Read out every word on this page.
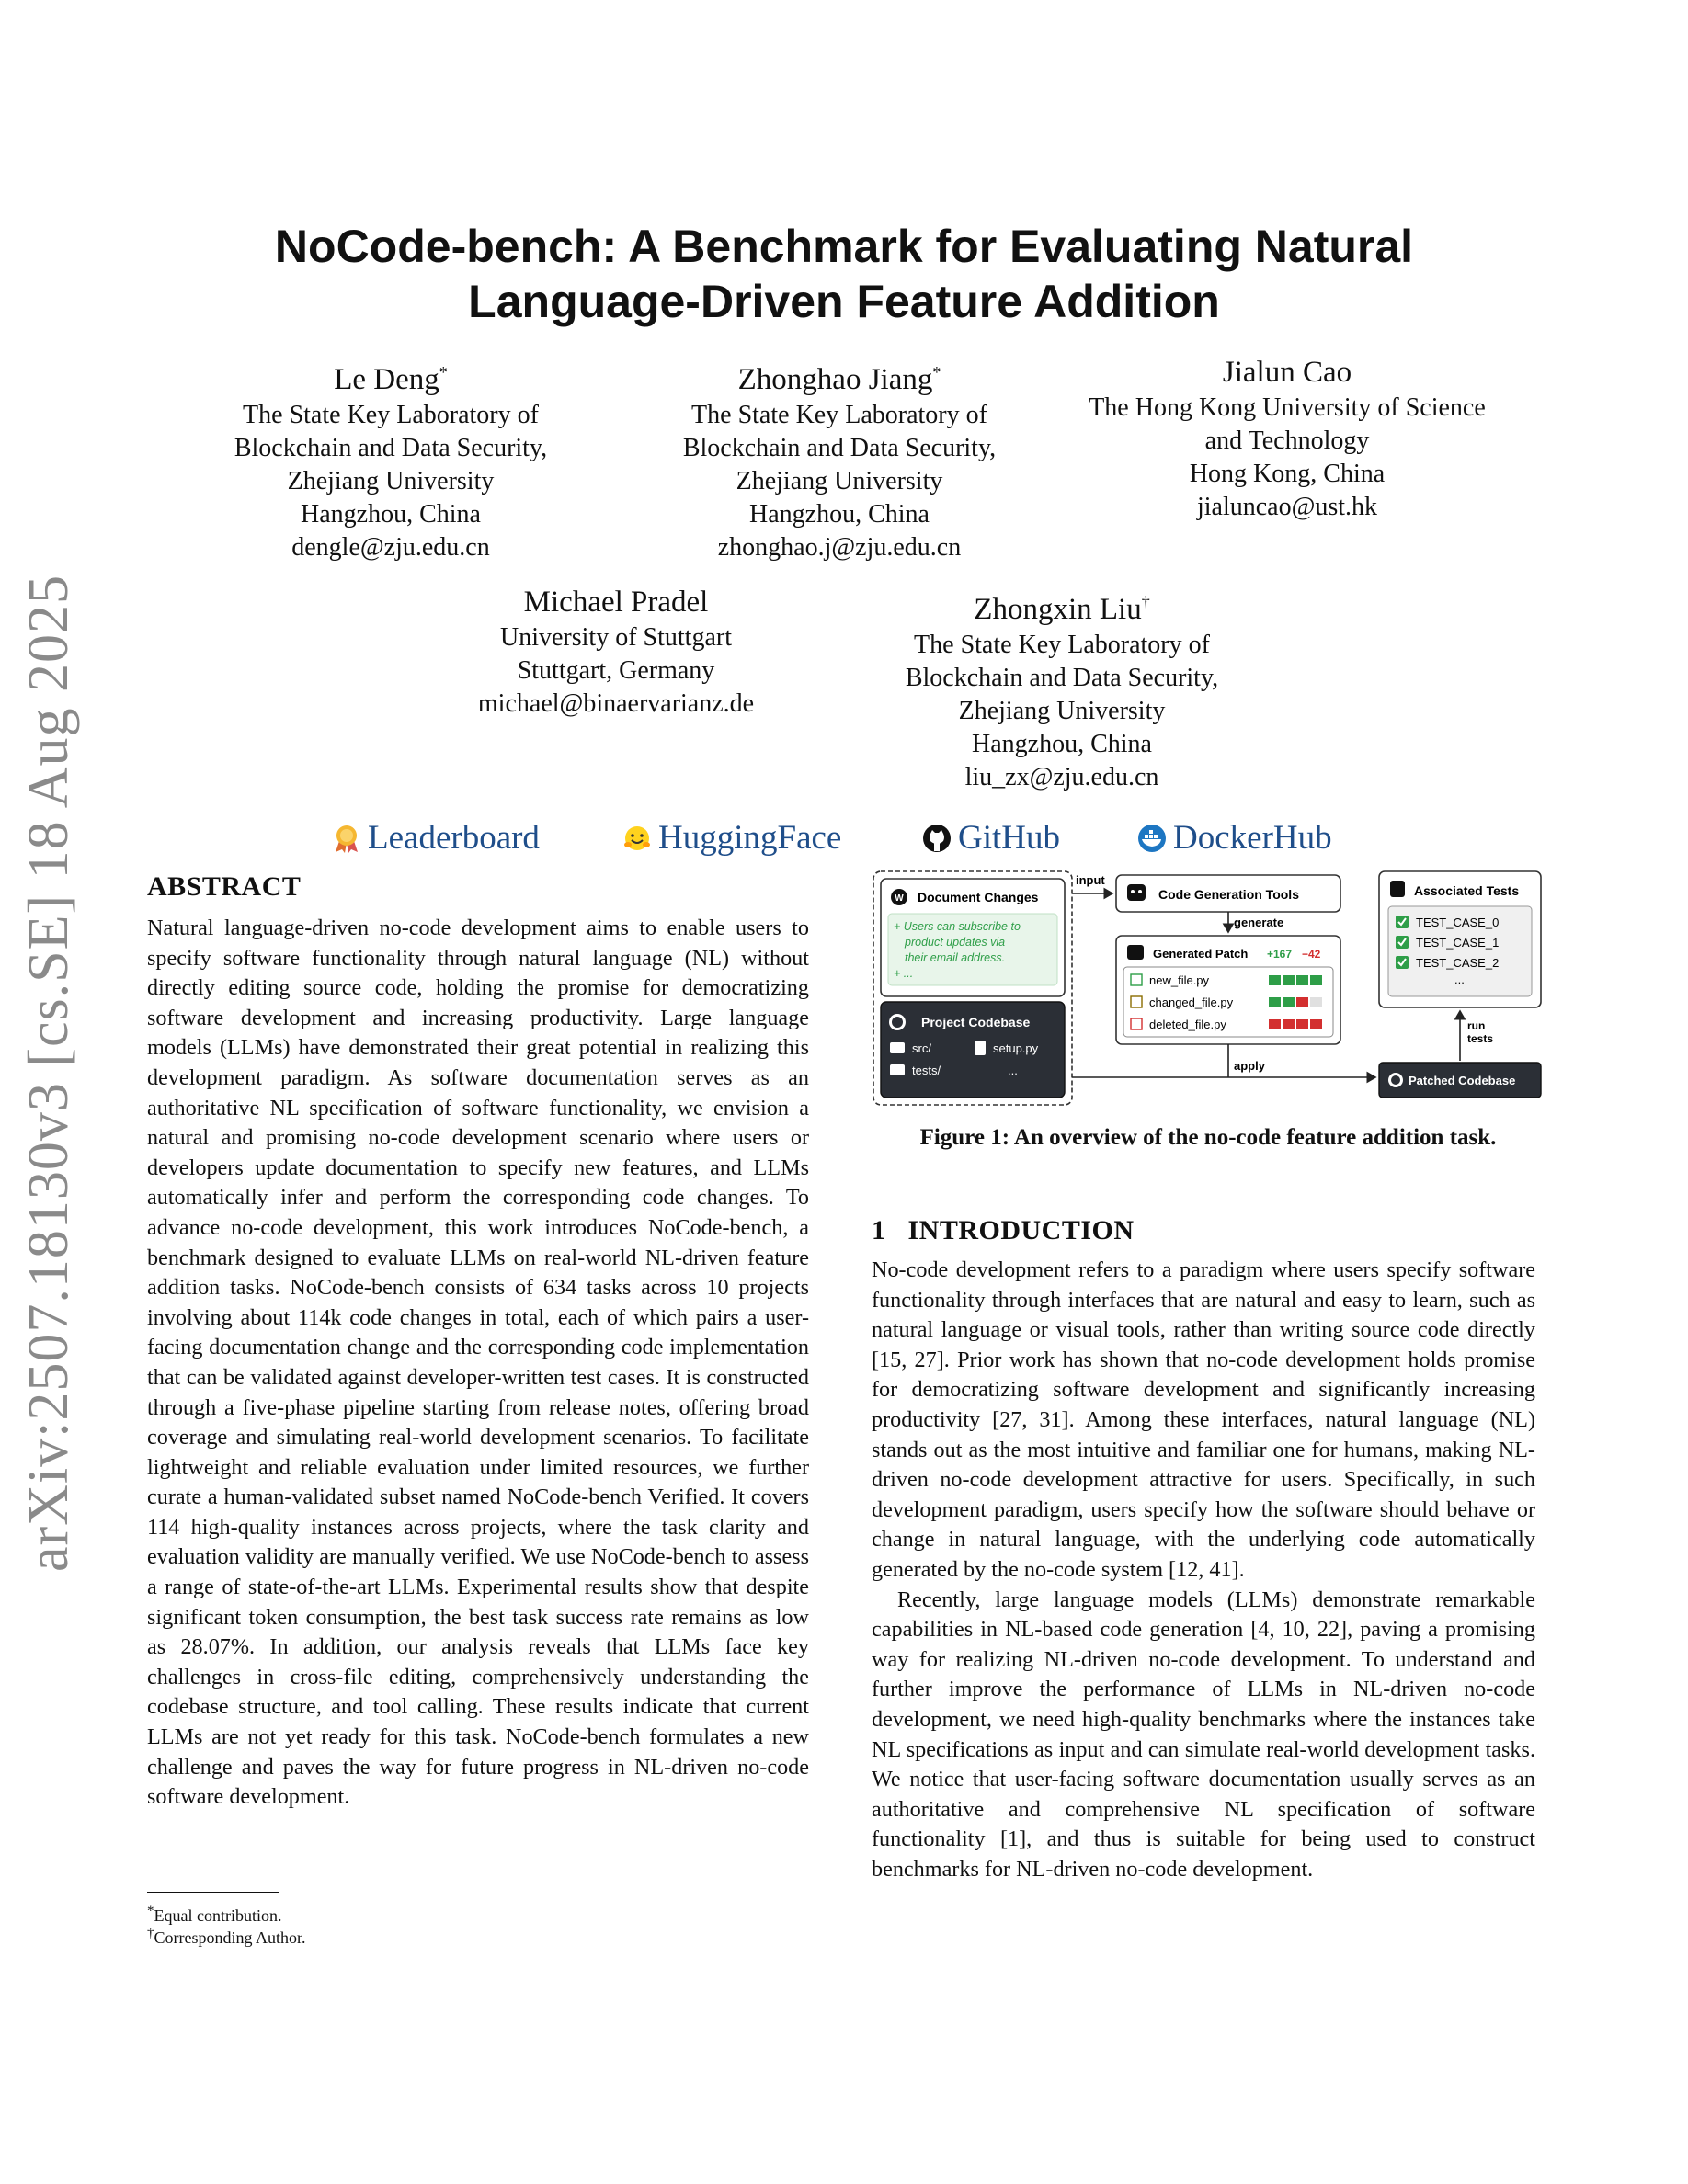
arXiv:2507.18130v3 [cs.SE] 18 Aug 2025
NoCode-bench: A Benchmark for Evaluating Natural
Language-Driven Feature Addition
Le Deng*
The State Key Laboratory of
Blockchain and Data Security,
Zhejiang University
Hangzhou, China
dengle@zju.edu.cn
Zhonghao Jiang*
The State Key Laboratory of
Blockchain and Data Security,
Zhejiang University
Hangzhou, China
zhonghao.j@zju.edu.cn
Jialun Cao
The Hong Kong University of Science
and Technology
Hong Kong, China
jialuncao@ust.hk
Michael Pradel
University of Stuttgart
Stuttgart, Germany
michael@binaervarianz.de
Zhongxin Liu†
The State Key Laboratory of
Blockchain and Data Security,
Zhejiang University
Hangzhou, China
liu_zx@zju.edu.cn
Leaderboard	HuggingFace	GitHub	DockerHub
ABSTRACT

Natural language-driven no-code development aims to enable users to specify software functionality through natural language (NL) without directly editing source code, holding the promise for democratizing software development and increasing productivity. Large language models (LLMs) have demonstrated their great potential in realizing this development paradigm. As software documentation serves as an authoritative NL specification of software functionality, we envision a natural and promising no-code development scenario where users or developers update documentation to specify new features, and LLMs automatically infer and perform the corresponding code changes. To advance no-code development, this work introduces NoCode-bench, a benchmark designed to evaluate LLMs on real-world NL-driven feature addition tasks. NoCode-bench consists of 634 tasks across 10 projects involving about 114k code changes in total, each of which pairs a user-facing documentation change and the corresponding code implementation that can be validated against developer-written test cases. It is constructed through a five-phase pipeline starting from release notes, offering broad coverage and simulating real-world development scenarios. To facilitate lightweight and reliable evaluation under limited resources, we further curate a human-validated subset named NoCode-bench Verified. It covers 114 high-quality instances across projects, where the task clarity and evaluation validity are manually verified. We use NoCode-bench to assess a range of state-of-the-art LLMs. Experimental results show that despite significant token consumption, the best task success rate remains as low as 28.07%. In addition, our analysis reveals that LLMs face key challenges in cross-file editing, comprehensively understanding the codebase structure, and tool calling. These results indicate that current LLMs are not yet ready for this task. NoCode-bench formulates a new challenge and paves the way for future progress in NL-driven no-code software development.

*Equal contribution.
†Corresponding Author.
W Document Changes
+ Users can subscribe to
product updates via
their email address.
+ ...
Project Codebase
src/	setup.py
tests/	...
input
Code Generation Tools
generate
Generated Patch +167 −42
new_file.py
changed_file.py
deleted_file.py
Associated Tests
TEST_CASE_0
TEST_CASE_1
TEST_CASE_2
...
apply
run
tests
Patched Codebase
Figure 1: An overview of the no-code feature addition task.
1 INTRODUCTION

No-code development refers to a paradigm where users specify software functionality through interfaces that are natural and easy to learn, such as natural language or visual tools, rather than writing source code directly [15, 27]. Prior work has shown that no-code development holds promise for democratizing software development and significantly increasing productivity [27, 31]. Among these interfaces, natural language (NL) stands out as the most intuitive and familiar one for humans, making NL-driven no-code development attractive for users. Specifically, in such development paradigm, users specify how the software should behave or change in natural language, with the underlying code automatically generated by the no-code system [12, 41].

Recently, large language models (LLMs) demonstrate remarkable capabilities in NL-based code generation [4, 10, 22], paving a promising way for realizing NL-driven no-code development. To understand and further improve the performance of LLMs in NL-driven no-code development, we need high-quality benchmarks where the instances take NL specifications as input and can simulate real-world development tasks. We notice that user-facing software documentation usually serves as an authoritative and comprehensive NL specification of software functionality [1], and thus is suitable for being used to construct benchmarks for NL-driven no-code development.
